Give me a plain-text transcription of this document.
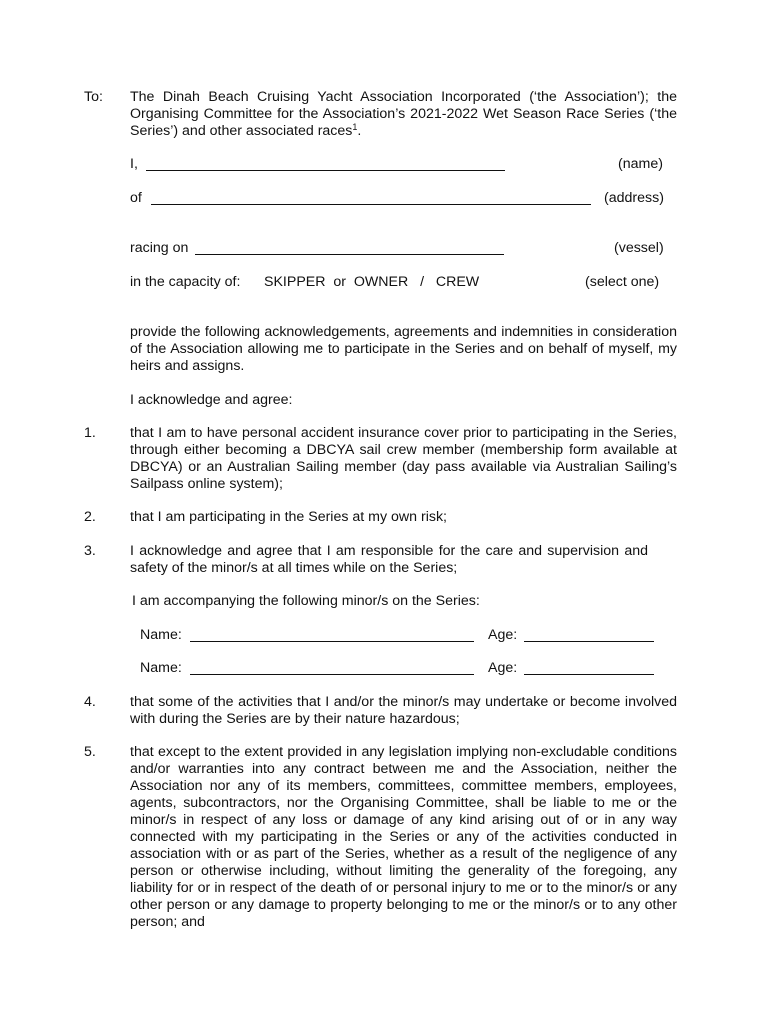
To: The Dinah Beach Cruising Yacht Association Incorporated (‘the Association’); the Organising Committee for the Association’s 2021-2022 Wet Season Race Series (‘the Series’) and other associated races$^1$.
I,	(name)
of	(address)
racing on	(vessel)
in the capacity of: SKIPPER  or  OWNER   /   CREW	(select one)
provide the following acknowledgements, agreements and indemnities in consideration of the Association allowing me to participate in the Series and on behalf of myself, my heirs and assigns.
I acknowledge and agree:
1. that I am to have personal accident insurance cover prior to participating in the Series, through either becoming a DBCYA sail crew member (membership form available at DBCYA) or an Australian Sailing member (day pass available via Australian Sailing’s Sailpass online system);
2. that I am participating in the Series at my own risk;
3. I acknowledge and agree that I am responsible for the care and supervision and safety of the minor/s at all times while on the Series;
I am accompanying the following minor/s on the Series:
Name:	Age:
Name:	Age:
4. that some of the activities that I and/or the minor/s may undertake or become involved with during the Series are by their nature hazardous;
5. that except to the extent provided in any legislation implying non-excludable conditions and/or warranties into any contract between me and the Association, neither the Association nor any of its members, committees, committee members, employees, agents, subcontractors, nor the Organising Committee, shall be liable to me or the minor/s in respect of any loss or damage of any kind arising out of or in any way connected with my participating in the Series or any of the activities conducted in association with or as part of the Series, whether as a result of the negligence of any person or otherwise including, without limiting the generality of the foregoing, any liability for or in respect of the death of or personal injury to me or to the minor/s or any other person or any damage to property belonging to me or the minor/s or to any other person; and
